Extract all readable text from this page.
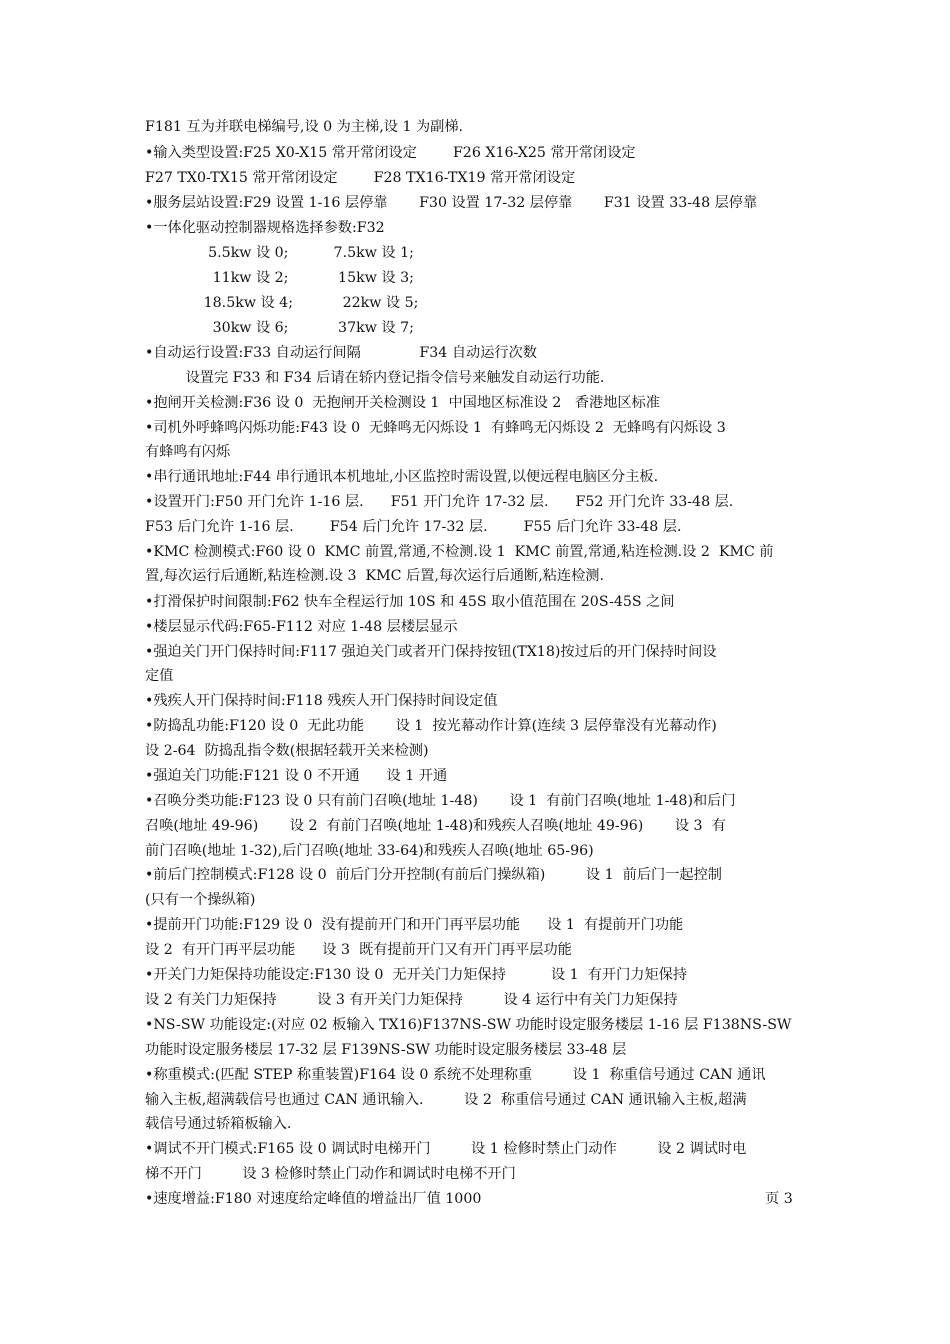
F181 互为并联电梯编号,设 0 为主梯,设 1 为副梯.
•输入类型设置:F25 X0-X15 常开常闭设定        F26 X16-X25 常开常闭设定
F27 TX0-TX15 常开常闭设定        F28 TX16-TX19 常开常闭设定
•服务层站设置:F29 设置 1-16 层停靠       F30 设置 17-32 层停靠       F31 设置 33-48 层停靠
•一体化驱动控制器规格选择参数:F32
5.5kw 设 0;          7.5kw 设 1;
11kw 设 2;           15kw 设 3;
18.5kw 设 4;           22kw 设 5;
30kw 设 6;           37kw 设 7;
•自动运行设置:F33 自动运行间隔             F34 自动运行次数
设置完 F33 和 F34 后请在轿内登记指令信号来触发自动运行功能.
•抱闸开关检测:F36 设 0  无抱闸开关检测设 1  中国地区标准设 2   香港地区标准
•司机外呼蜂鸣闪烁功能:F43 设 0  无蜂鸣无闪烁设 1  有蜂鸣无闪烁设 2  无蜂鸣有闪烁设 3
有蜂鸣有闪烁
•串行通讯地址:F44 串行通讯本机地址,小区监控时需设置,以便远程电脑区分主板.
•设置开门:F50 开门允许 1-16 层.      F51 开门允许 17-32 层.      F52 开门允许 33-48 层.
F53 后门允许 1-16 层.        F54 后门允许 17-32 层.        F55 后门允许 33-48 层.
•KMC 检测模式:F60 设 0  KMC 前置,常通,不检测.设 1  KMC 前置,常通,粘连检测.设 2  KMC 前
置,每次运行后通断,粘连检测.设 3  KMC 后置,每次运行后通断,粘连检测.
•打滑保护时间限制:F62 快车全程运行加 10S 和 45S 取小值范围在 20S-45S 之间
•楼层显示代码:F65-F112 对应 1-48 层楼层显示
•强迫关门开门保持时间:F117 强迫关门或者开门保持按钮(TX18)按过后的开门保持时间设
定值
•残疾人开门保持时间:F118 残疾人开门保持时间设定值
•防捣乱功能:F120 设 0  无此功能       设 1  按光幕动作计算(连续 3 层停靠没有光幕动作)
设 2-64  防捣乱指令数(根据轻载开关来检测)
•强迫关门功能:F121 设 0 不开通      设 1 开通
•召唤分类功能:F123 设 0 只有前门召唤(地址 1-48)       设 1  有前门召唤(地址 1-48)和后门
召唤(地址 49-96)       设 2  有前门召唤(地址 1-48)和残疾人召唤(地址 49-96)       设 3  有
前门召唤(地址 1-32),后门召唤(地址 33-64)和残疾人召唤(地址 65-96)
•前后门控制模式:F128 设 0  前后门分开控制(有前后门操纵箱)         设 1  前后门一起控制
(只有一个操纵箱)
•提前开门功能:F129 设 0  没有提前开门和开门再平层功能      设 1  有提前开门功能
设 2  有开门再平层功能      设 3  既有提前开门又有开门再平层功能
•开关门力矩保持功能设定:F130 设 0  无开关门力矩保持          设 1  有开门力矩保持
设 2 有关门力矩保持         设 3 有开关门力矩保持         设 4 运行中有关门力矩保持
•NS-SW 功能设定:(对应 02 板输入 TX16)F137NS-SW 功能时设定服务楼层 1-16 层 F138NS-SW
功能时设定服务楼层 17-32 层 F139NS-SW 功能时设定服务楼层 33-48 层
•称重模式:(匹配 STEP 称重装置)F164 设 0 系统不处理称重         设 1  称重信号通过 CAN 通讯
输入主板,超满载信号也通过 CAN 通讯输入.         设 2  称重信号通过 CAN 通讯输入主板,超满
载信号通过轿箱板输入.
•调试不开门模式:F165 设 0 调试时电梯开门         设 1 检修时禁止门动作         设 2 调试时电
梯不开门         设 3 检修时禁止门动作和调试时电梯不开门
•速度增益:F180 对速度给定峰值的增益出厂值 1000	页 3
